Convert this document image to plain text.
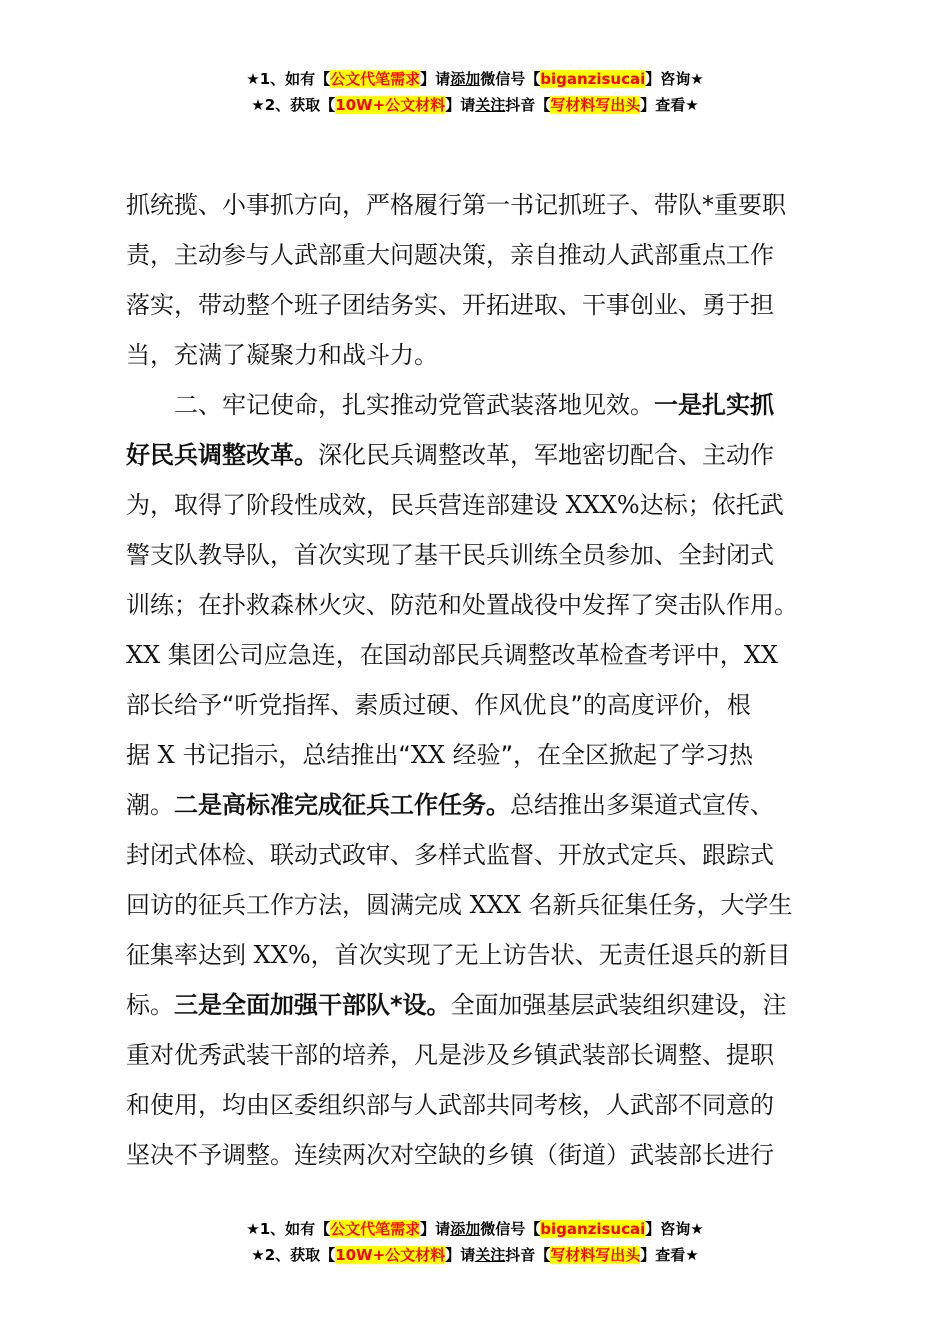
★1、如有【公文代笔需求】请添加微信号【biganzisucai】咨询★
★2、获取【10W+公文材料】请关注抖音【写材料写出头】查看★
抓统揽、小事抓方向，严格履行第一书记抓班子、带队*重要职
责，主动参与人武部重大问题决策，亲自推动人武部重点工作
落实，带动整个班子团结务实、开拓进取、干事创业、勇于担
当，充满了凝聚力和战斗力。
二、牢记使命，扎实推动党管武装落地见效。一是扎实抓
好民兵调整改革。深化民兵调整改革，军地密切配合、主动作
为，取得了阶段性成效，民兵营连部建设 XXX%达标；依托武
警支队教导队，首次实现了基干民兵训练全员参加、全封闭式
训练；在扑救森林火灾、防范和处置战役中发挥了突击队作用。
XX 集团公司应急连，在国动部民兵调整改革检查考评中，XX
部长给予“听党指挥、素质过硬、作风优良”的高度评价，根
据 X 书记指示，总结推出“XX 经验”，在全区掀起了学习热
潮。二是高标准完成征兵工作任务。总结推出多渠道式宣传、
封闭式体检、联动式政审、多样式监督、开放式定兵、跟踪式
回访的征兵工作方法，圆满完成 XXX 名新兵征集任务，大学生
征集率达到 XX%，首次实现了无上访告状、无责任退兵的新目
标。三是全面加强干部队*设。全面加强基层武装组织建设，注
重对优秀武装干部的培养，凡是涉及乡镇武装部长调整、提职
和使用，均由区委组织部与人武部共同考核，人武部不同意的
坚决不予调整。连续两次对空缺的乡镇（街道）武装部长进行
★1、如有【公文代笔需求】请添加微信号【biganzisucai】咨询★
★2、获取【10W+公文材料】请关注抖音【写材料写出头】查看★
